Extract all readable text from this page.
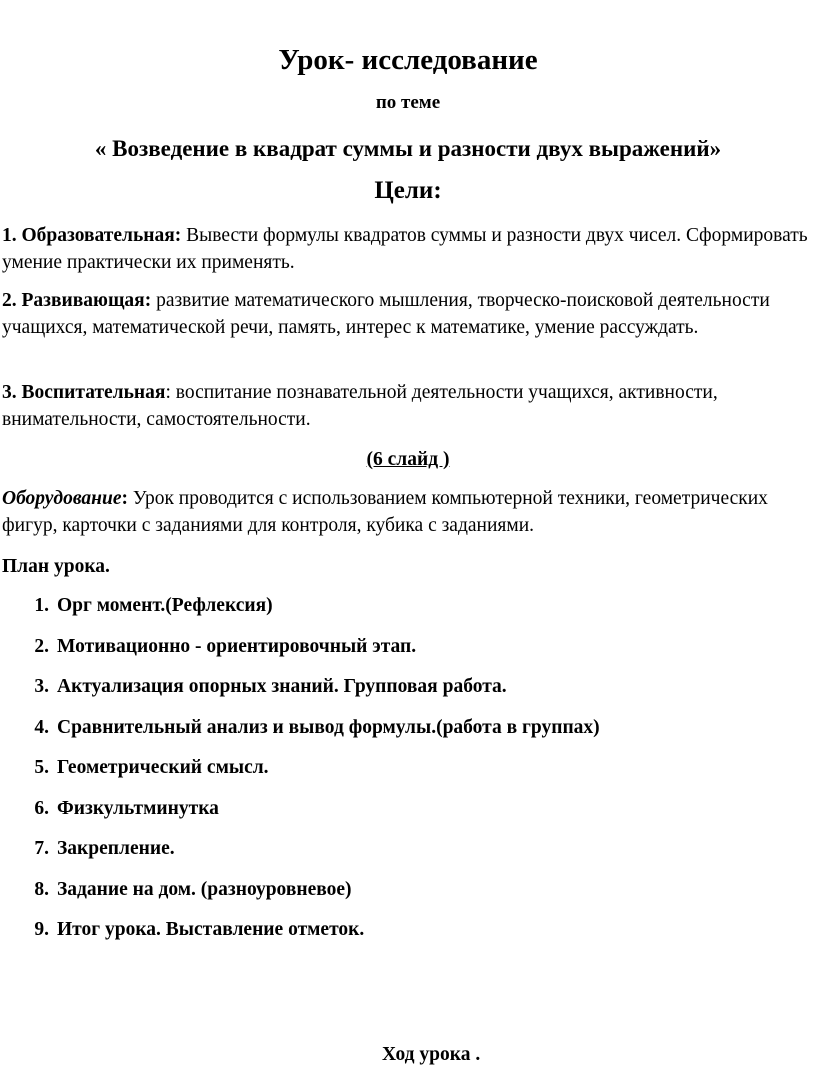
Урок- исследование
по теме
« Возведение в квадрат суммы и разности двух выражений»
Цели:
1. Образовательная: Вывести формулы квадратов суммы и разности двух чисел. Сформировать умение практически их применять.
2. Развивающая: развитие математического мышления, творческо-поисковой деятельности учащихся, математической речи, память, интерес к математике, умение рассуждать.
3. Воспитательная: воспитание познавательной деятельности учащихся, активности, внимательности, самостоятельности.
(6 слайд )
Оборудование: Урок проводится с использованием компьютерной техники, геометрических фигур, карточки с заданиями для контроля, кубика с заданиями.
План урока.
1. Орг момент.(Рефлексия)
2. Мотивационно - ориентировочный этап.
3. Актуализация опорных знаний. Групповая работа.
4. Сравнительный анализ и вывод формулы.(работа в группах)
5. Геометрический смысл.
6. Физкультминутка
7. Закрепление.
8. Задание на дом. (разноуровневое)
9. Итог урока. Выставление отметок.
Ход урока .
